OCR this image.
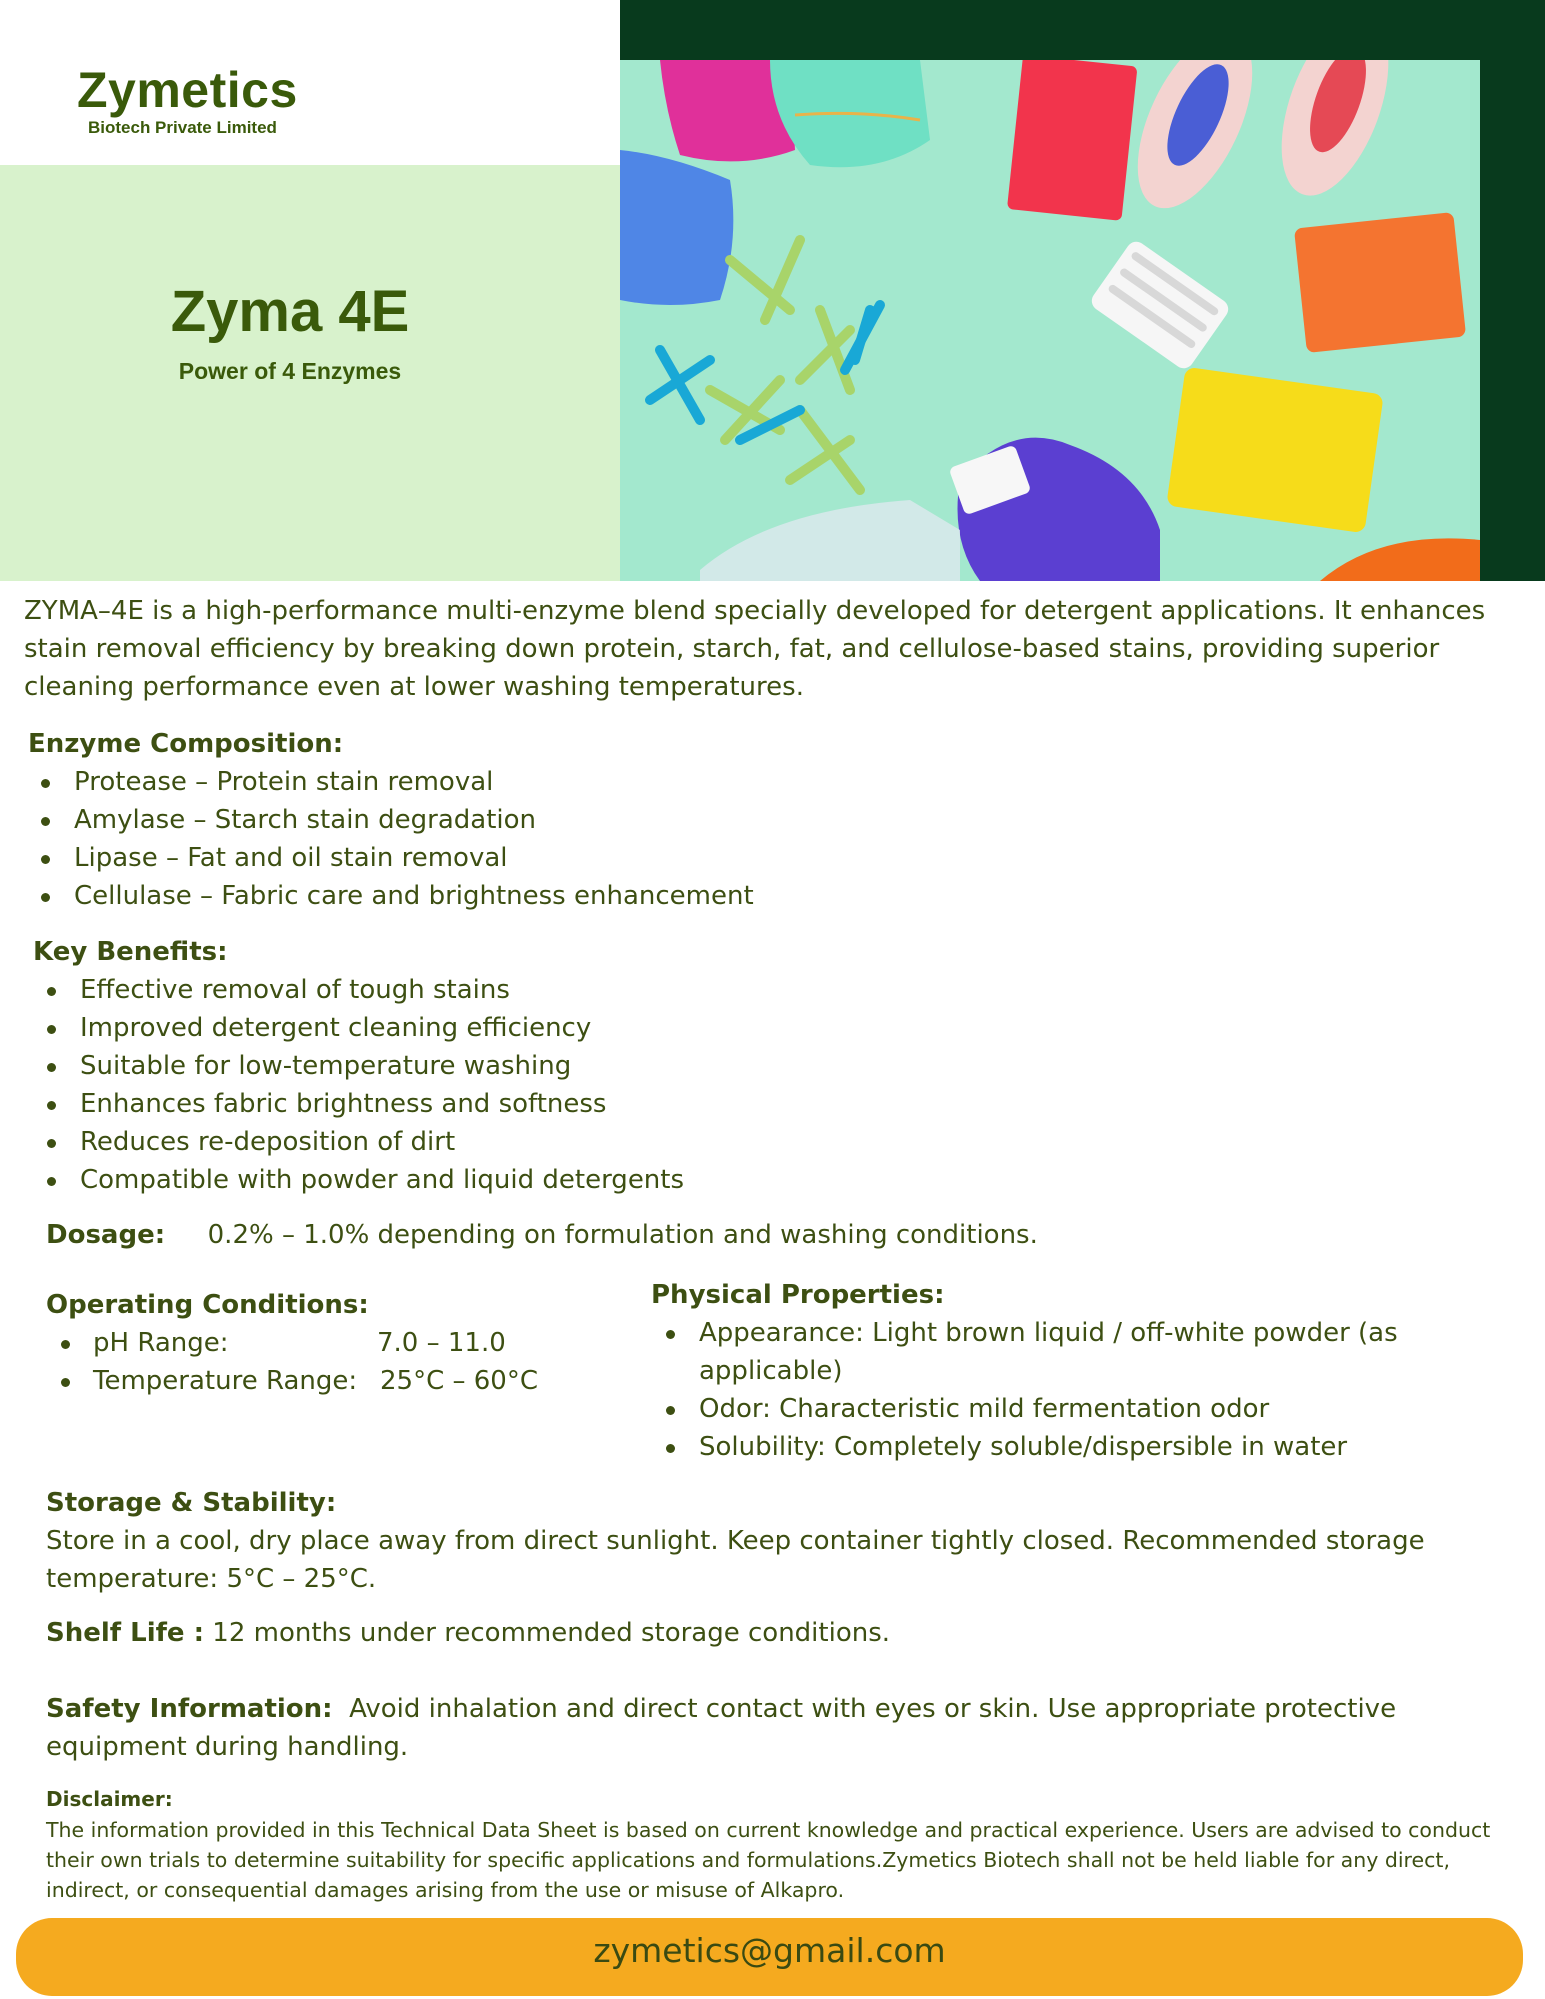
Zymetics
Biotech Private Limited
Zyma 4E
Power of 4 Enzymes
ZYMA–4E is a high-performance multi-enzyme blend specially developed for detergent applications. It enhances stain removal efficiency by breaking down protein, starch, fat, and cellulose-based stains, providing superior cleaning performance even at lower washing temperatures.
Enzyme Composition:
Protease – Protein stain removal
Amylase – Starch stain degradation
Lipase – Fat and oil stain removal
Cellulase – Fabric care and brightness enhancement
Key Benefits:
Effective removal of tough stains
Improved detergent cleaning efficiency
Suitable for low-temperature washing
Enhances fabric brightness and softness
Reduces re-deposition of dirt
Compatible with powder and liquid detergents
Dosage: 0.2% – 1.0% depending on formulation and washing conditions.
Operating Conditions:
pH Range:	7.0 – 11.0
Temperature Range: 25°C – 60°C
Physical Properties:
Appearance: Light brown liquid / off-white powder (as applicable)
Odor: Characteristic mild fermentation odor
Solubility: Completely soluble/dispersible in water
Storage & Stability:
Store in a cool, dry place away from direct sunlight. Keep container tightly closed. Recommended storage temperature: 5°C – 25°C.
Shelf Life : 12 months under recommended storage conditions.
Safety Information: Avoid inhalation and direct contact with eyes or skin. Use appropriate protective equipment during handling.
Disclaimer:
The information provided in this Technical Data Sheet is based on current knowledge and practical experience. Users are advised to conduct their own trials to determine suitability for specific applications and formulations.Zymetics Biotech shall not be held liable for any direct, indirect, or consequential damages arising from the use or misuse of Alkapro.
zymetics@gmail.com
